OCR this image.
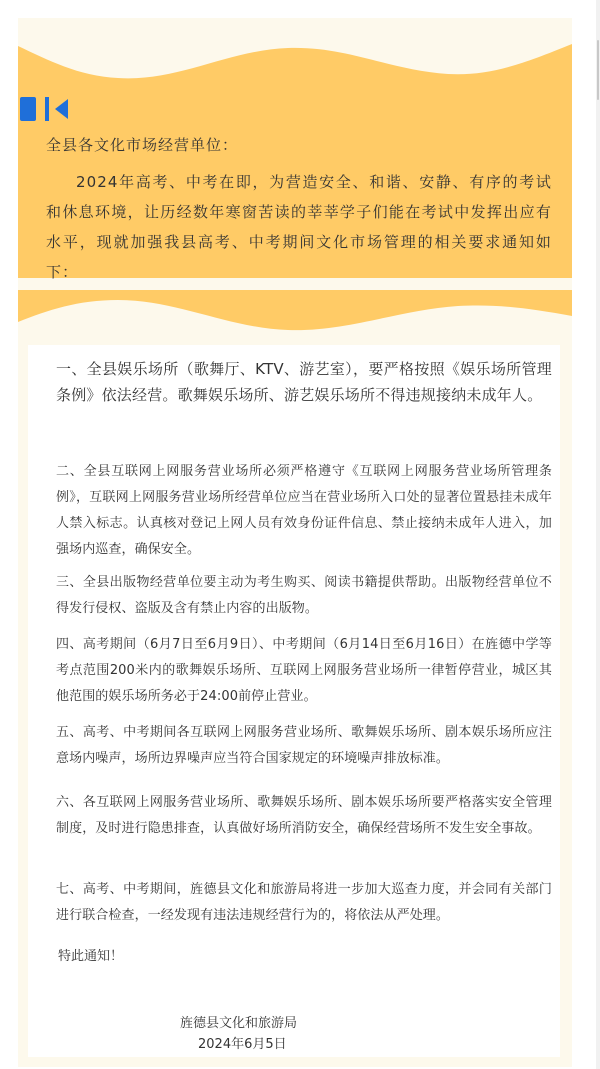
全县各文化市场经营单位：
2024年高考、中考在即，为营造安全、和谐、安静、有序的考试和休息环境，让历经数年寒窗苦读的莘莘学子们能在考试中发挥出应有水平，现就加强我县高考、中考期间文化市场管理的相关要求通知如下：
一、全县娱乐场所（歌舞厅、KTV、游艺室），要严格按照《娱乐场所管理条例》依法经营。歌舞娱乐场所、游艺娱乐场所不得违规接纳未成年人。
二、全县互联网上网服务营业场所必须严格遵守《互联网上网服务营业场所管理条例》，互联网上网服务营业场所经营单位应当在营业场所入口处的显著位置悬挂未成年人禁入标志。认真核对登记上网人员有效身份证件信息、禁止接纳未成年人进入，加强场内巡查，确保安全。
三、全县出版物经营单位要主动为考生购买、阅读书籍提供帮助。出版物经营单位不得发行侵权、盗版及含有禁止内容的出版物。
四、高考期间（6月7日至6月9日）、中考期间（6月14日至6月16日）在旌德中学等考点范围200米内的歌舞娱乐场所、互联网上网服务营业场所一律暂停营业，城区其他范围的娱乐场所务必于24:00前停止营业。
五、高考、中考期间各互联网上网服务营业场所、歌舞娱乐场所、剧本娱乐场所应注意场内噪声，场所边界噪声应当符合国家规定的环境噪声排放标准。
六、各互联网上网服务营业场所、歌舞娱乐场所、剧本娱乐场所要严格落实安全管理制度，及时进行隐患排查，认真做好场所消防安全，确保经营场所不发生安全事故。
七、高考、中考期间，旌德县文化和旅游局将进一步加大巡查力度，并会同有关部门进行联合检查，一经发现有违法违规经营行为的，将依法从严处理。
特此通知！
旌德县文化和旅游局
2024年6月5日
